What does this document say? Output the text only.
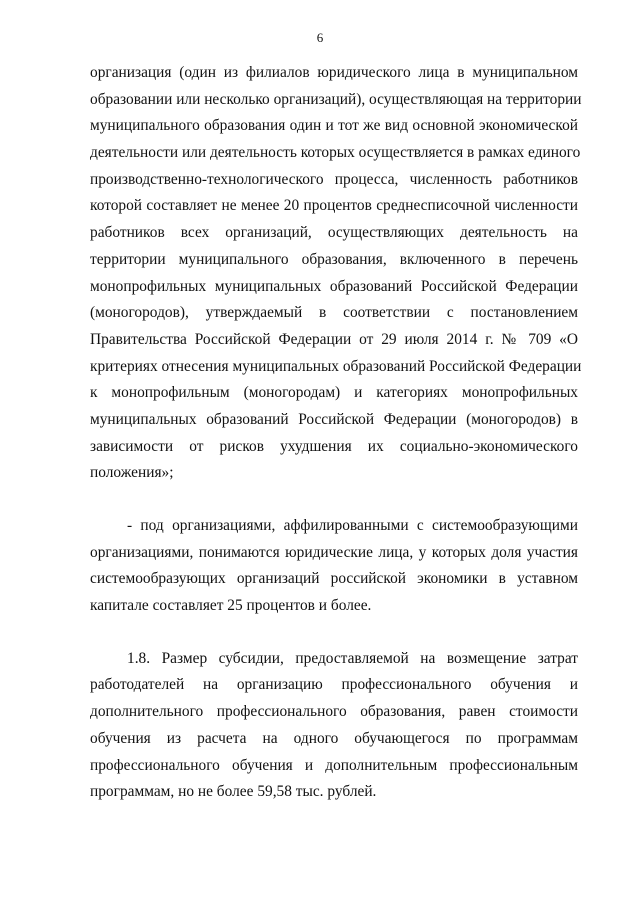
6
организация (один из филиалов юридического лица в муниципальном
образовании или несколько организаций), осуществляющая на территории
муниципального образования один и тот же вид основной экономической
деятельности или деятельность которых осуществляется в рамках единого
производственно-технологического процесса, численность работников
которой составляет не менее 20 процентов среднесписочной численности
работников всех организаций, осуществляющих деятельность на
территории муниципального образования, включенного в перечень
монопрофильных муниципальных образований Российской Федерации
(моногородов), утверждаемый в соответствии с постановлением
Правительства Российской Федерации от 29 июля 2014 г. № 709 «О
критериях отнесения муниципальных образований Российской Федерации
к монопрофильным (моногородам) и категориях монопрофильных
муниципальных образований Российской Федерации (моногородов) в
зависимости от рисков ухудшения их социально-экономического
положения»;
- под организациями, аффилированными с системообразующими
организациями, понимаются юридические лица, у которых доля участия
системообразующих организаций российской экономики в уставном
капитале составляет 25 процентов и более.
1.8. Размер субсидии, предоставляемой на возмещение затрат
работодателей на организацию профессионального обучения и
дополнительного профессионального образования, равен стоимости
обучения из расчета на одного обучающегося по программам
профессионального обучения и дополнительным профессиональным
программам, но не более 59,58 тыс. рублей.
